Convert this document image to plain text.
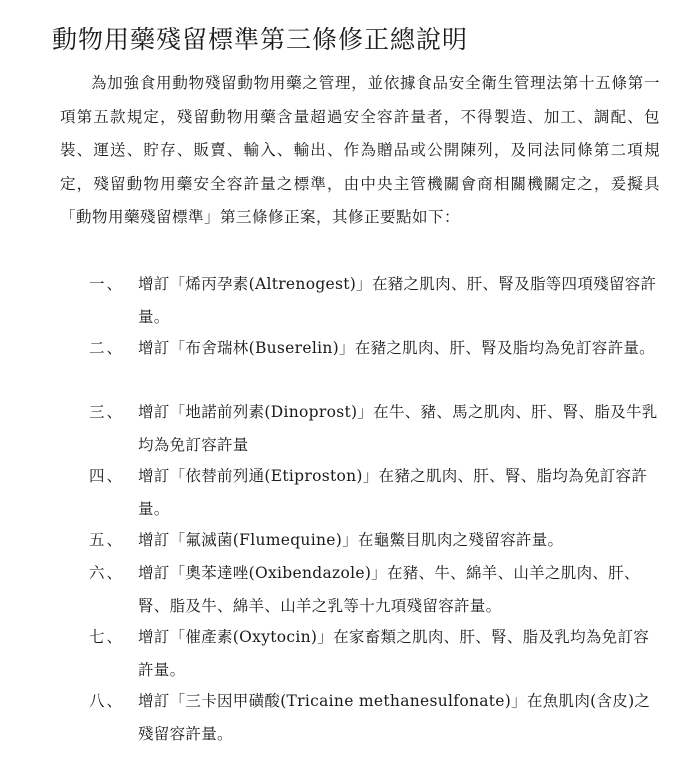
動物用藥殘留標準第三條修正總說明

為加強食用動物殘留動物用藥之管理，並依據食品安全衛生管理法第十五條第一項第五款規定，殘留動物用藥含量超過安全容許量者，不得製造、加工、調配、包裝、運送、貯存、販賣、輸入、輸出、作為贈品或公開陳列，及同法同條第二項規定，殘留動物用藥安全容許量之標準，由中央主管機關會商相關機關定之，爰擬具「動物用藥殘留標準」第三條修正案，其修正要點如下：

一、 增訂「烯丙孕素(Altrenogest)」在豬之肌肉、肝、腎及脂等四項殘留容許量。

二、 增訂「布舍瑞林(Buserelin)」在豬之肌肉、肝、腎及脂均為免訂容許量。

三、 增訂「地諾前列素(Dinoprost)」在牛、豬、馬之肌肉、肝、腎、脂及牛乳均為免訂容許量

四、 增訂「依替前列通(Etiproston)」在豬之肌肉、肝、腎、脂均為免訂容許量。

五、 增訂「氟滅菌(Flumequine)」在龜鱉目肌肉之殘留容許量。

六、 增訂「奧苯達唑(Oxibendazole)」在豬、牛、綿羊、山羊之肌肉、肝、腎、脂及牛、綿羊、山羊之乳等十九項殘留容許量。

七、 增訂「催產素(Oxytocin)」在家畜類之肌肉、肝、腎、脂及乳均為免訂容許量。

八、 增訂「三卡因甲磺酸(Tricaine methanesulfonate)」在魚肌肉(含皮)之殘留容許量。
